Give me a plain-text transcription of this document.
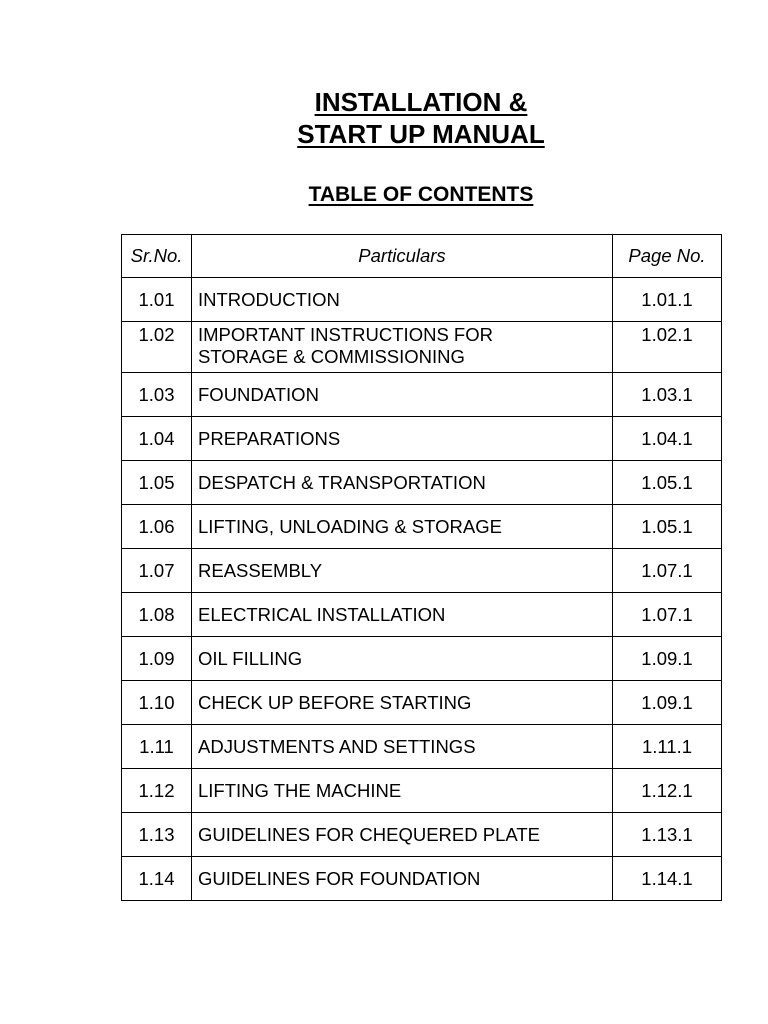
INSTALLATION &
START UP MANUAL
TABLE OF CONTENTS
Sr.No.	Particulars	Page No.
1.01	INTRODUCTION	1.01.1
1.02	IMPORTANT INSTRUCTIONS FOR
STORAGE & COMMISSIONING	1.02.1
1.03	FOUNDATION	1.03.1
1.04	PREPARATIONS	1.04.1
1.05	DESPATCH & TRANSPORTATION	1.05.1
1.06	LIFTING, UNLOADING & STORAGE	1.05.1
1.07	REASSEMBLY	1.07.1
1.08	ELECTRICAL INSTALLATION	1.07.1
1.09	OIL FILLING	1.09.1
1.10	CHECK UP BEFORE STARTING	1.09.1
1.11	ADJUSTMENTS AND SETTINGS	1.11.1
1.12	LIFTING THE MACHINE	1.12.1
1.13	GUIDELINES FOR CHEQUERED PLATE	1.13.1
1.14	GUIDELINES FOR FOUNDATION	1.14.1
